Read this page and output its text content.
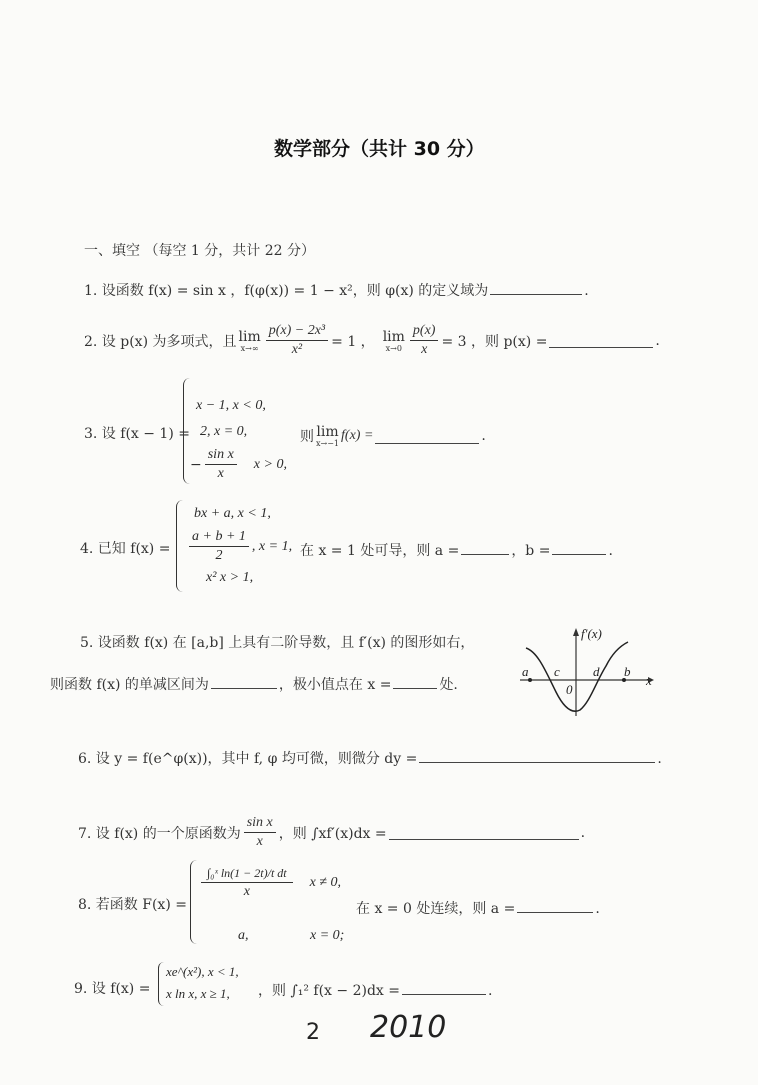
数学部分（共计 30 分）
一、填空 （每空 1 分，共计 22 分）
1. 设函数 f(x) = sin x ，f(φ(x)) = 1 − x²，则 φ(x) 的定义域为	.
2. 设 p(x) 为多项式，且 lim
$x\to\infty \frac{\text{p(x) − 2x³}}{\text{x²}} = 1$ ， lim
$x\to 0 \frac{p(x)}{x} = 3$ ，则 p(x) =	.
3. 设 f(x − 1) =
x − 1, x < 0,
2, x = 0,
− $\frac{\text{sin x}}{x}$ x > 0,
则 lim
x→−1
f(x) =	.
4. 已知 f(x) =
bx + a, x < 1,
$\frac{a + b + 1}{2}$ , x = 1,
x² x > 1,
在 x = 1 处可导，则 a =	，b =	.
5. 设函数 f(x) 在 [a,b] 上具有二阶导数，且 f′(x) 的图形如右，
则函数 f(x) 的单减区间为	，极小值点在 x =	处.
f′(x)
a c
0
d b
x
6. 设 y = f(e^φ(x))，其中 f, φ 均可微，则微分 dy =	.
7. 设 f(x) 的一个原函数为 $\frac{\text{sin x}}{x}$ ，则 ∫xf′(x)dx =	.
8. 若函数 F(x) =
$\frac{\text{∫₀ˣ ln(1 − 2t)/t dt}}{x}$ x ≠ 0,
a,	x = 0;
在 x = 0 处连续，则 a =	.
9. 设 f(x) =
xe^(x²), x < 1,
x ln x, x ≥ 1, ，则 ∫₁² f(x − 2)dx =	.
2 2010
